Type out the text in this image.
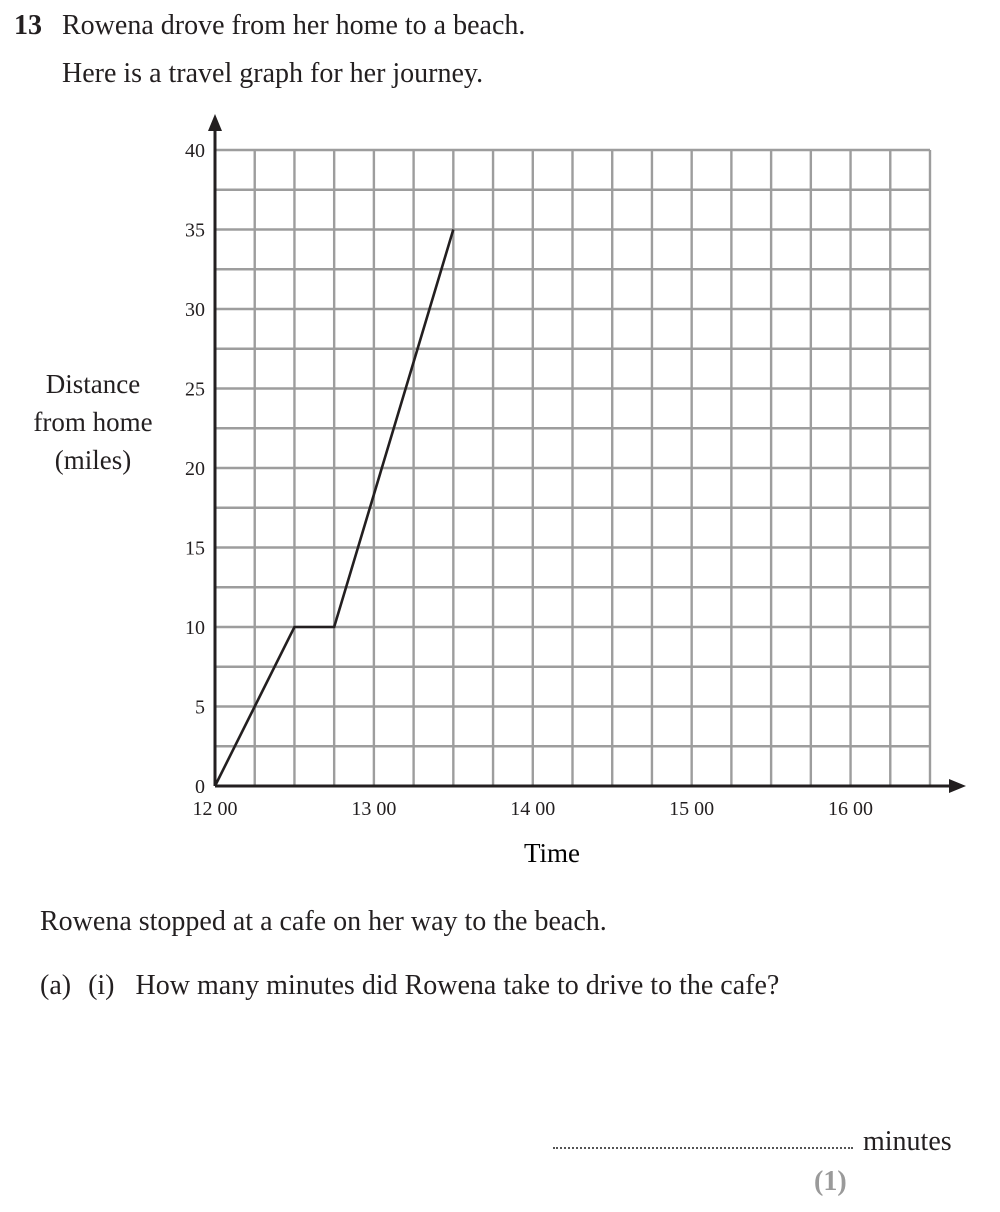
13 Rowena drove from her home to a beach.
Here is a travel graph for her journey.
Distance
from home
(miles)
0
5
10
15
20
25
30
35
40
12 00	13 00	14 00	15 00	16 00
Time
Rowena stopped at a cafe on her way to the beach.
(a) (i) How many minutes did Rowena take to drive to the cafe?
minutes
(1)
